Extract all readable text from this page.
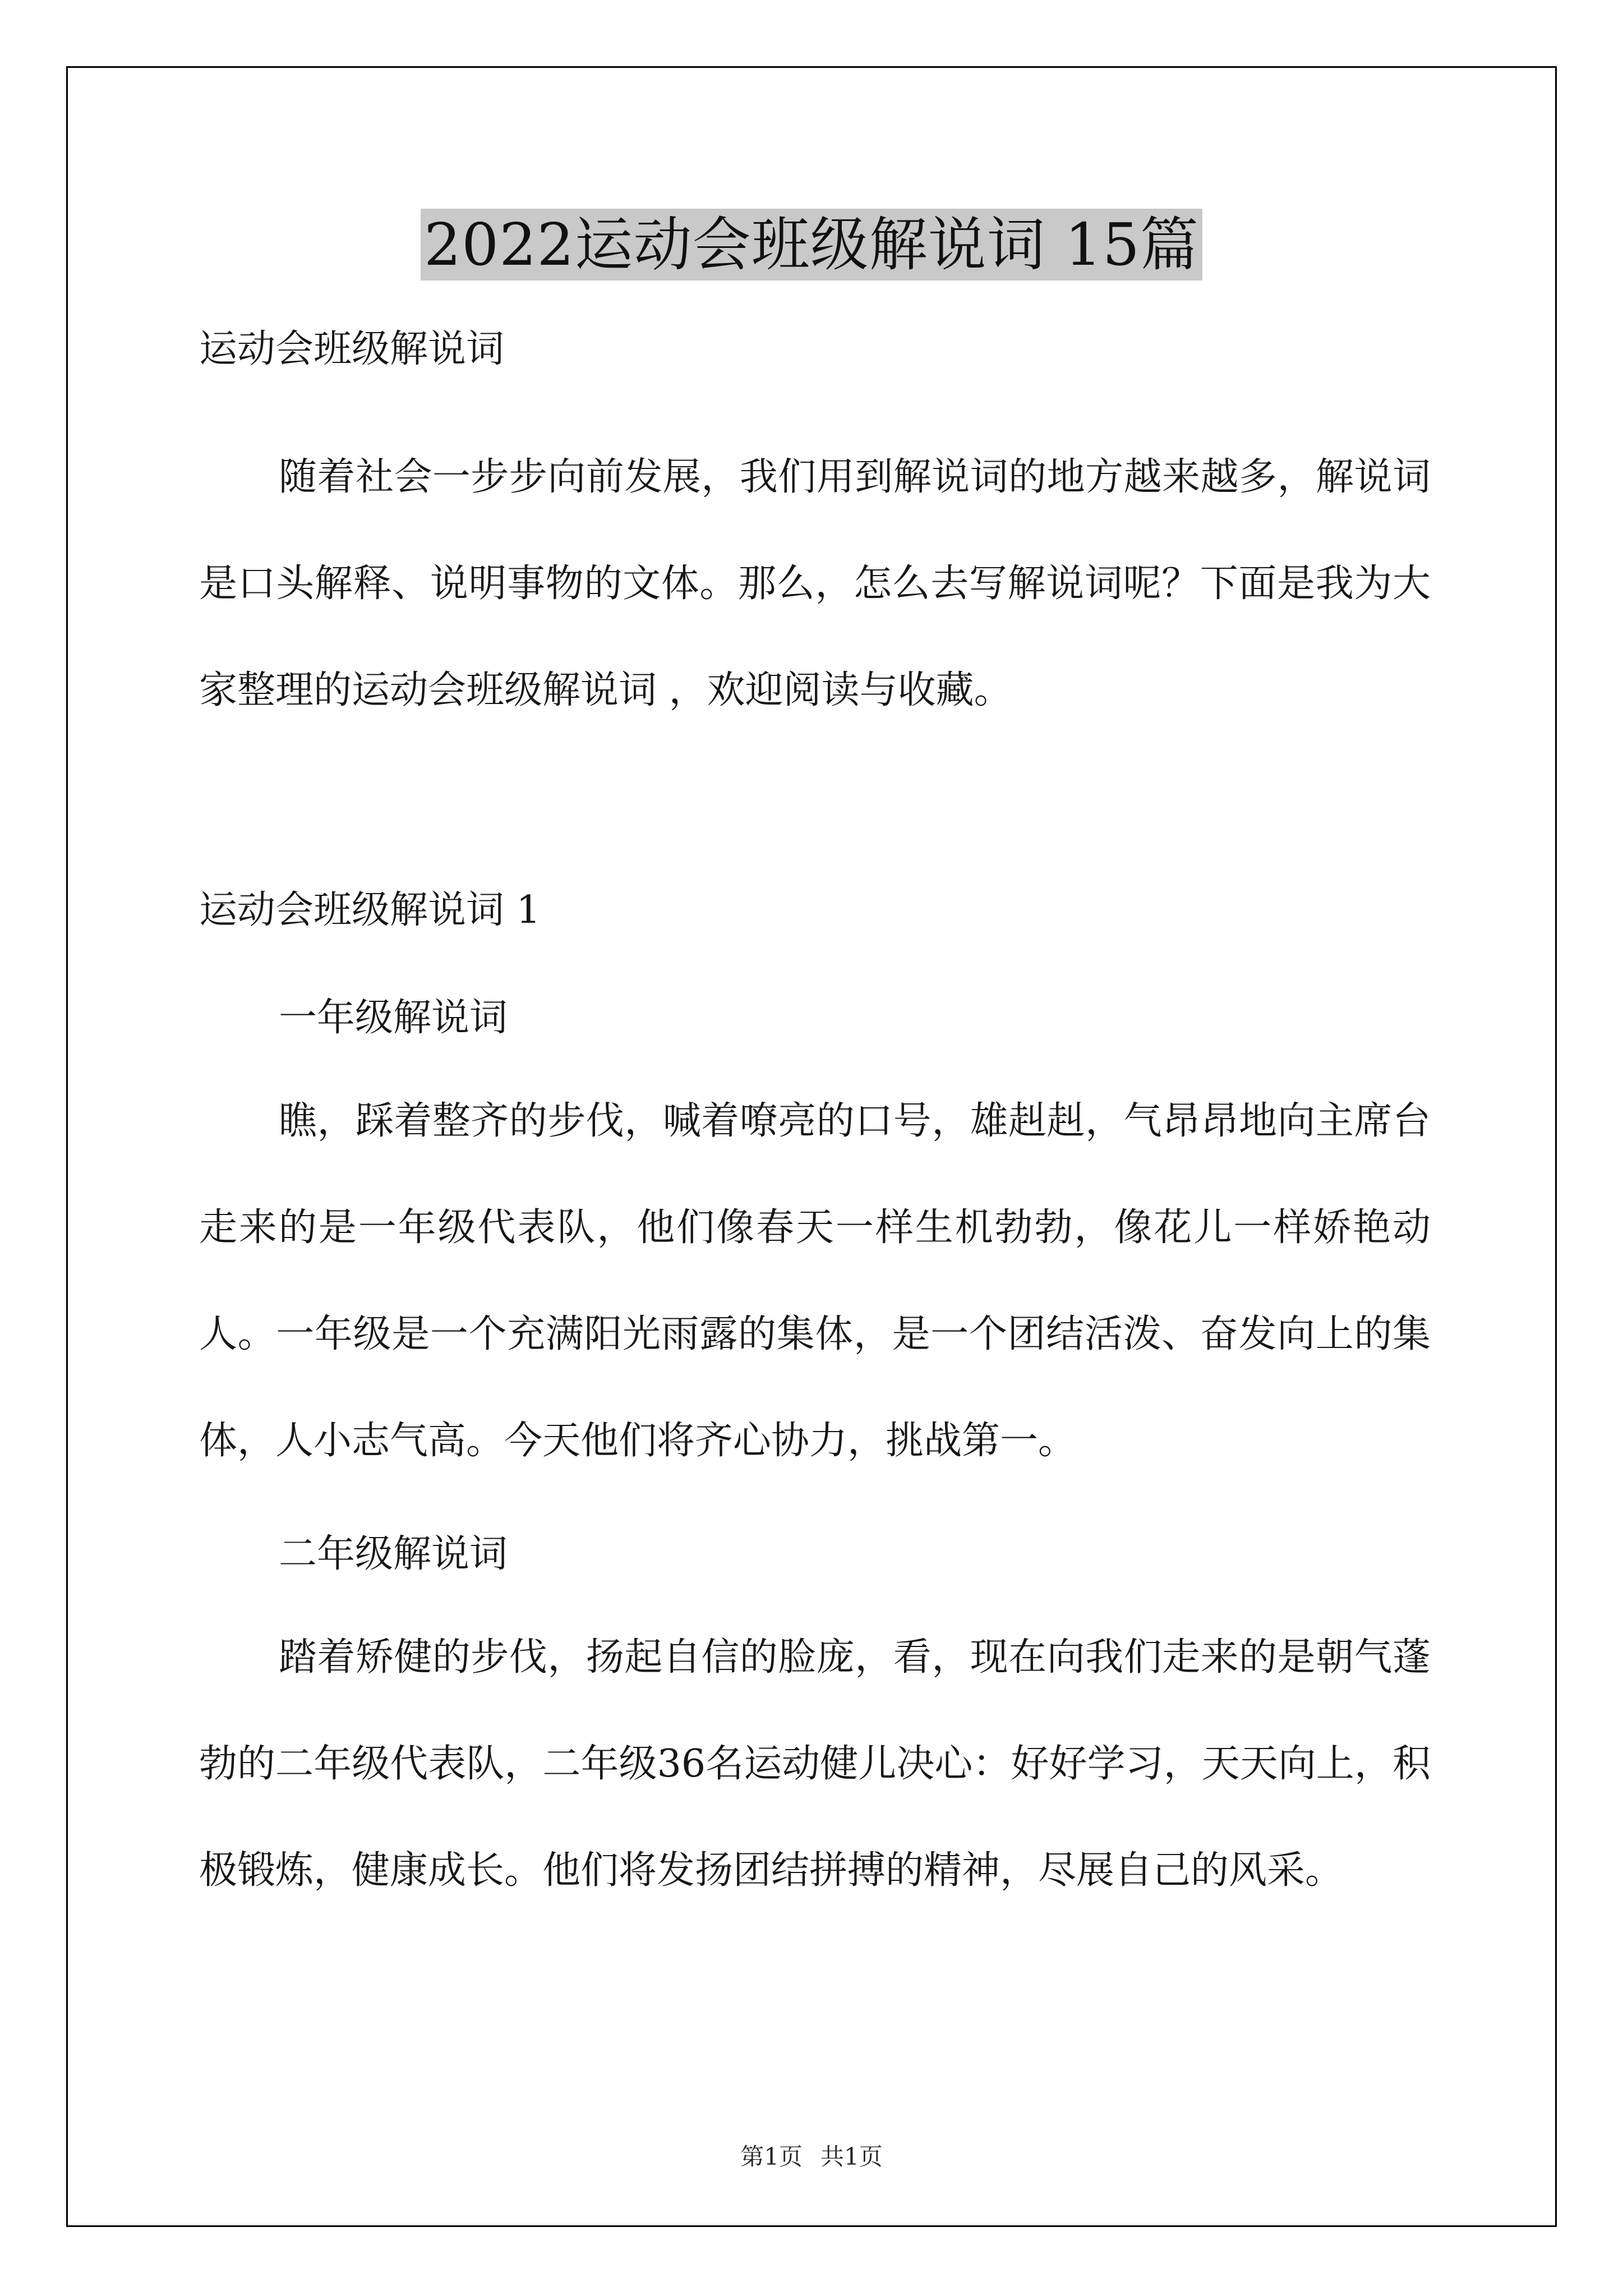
2022运动会班级解说词 15篇
运动会班级解说词
随着社会一步步向前发展，我们用到解说词的地方越来越多，解说词是口头解释、说明事物的文体。那么，怎么去写解说词呢？下面是我为大家整理的运动会班级解说词 ，欢迎阅读与收藏。
运动会班级解说词 1
一年级解说词
瞧，踩着整齐的步伐，喊着嘹亮的口号，雄赳赳，气昂昂地向主席台走来的是一年级代表队，他们像春天一样生机勃勃，像花儿一样娇艳动人。一年级是一个充满阳光雨露的集体，是一个团结活泼、奋发向上的集体，人小志气高。今天他们将齐心协力，挑战第一。
二年级解说词
踏着矫健的步伐，扬起自信的脸庞，看，现在向我们走来的是朝气蓬勃的二年级代表队，二年级36名运动健儿决心：好好学习，天天向上，积极锻炼，健康成长。他们将发扬团结拼搏的精神，尽展自己的风采。
第1页 共1页
